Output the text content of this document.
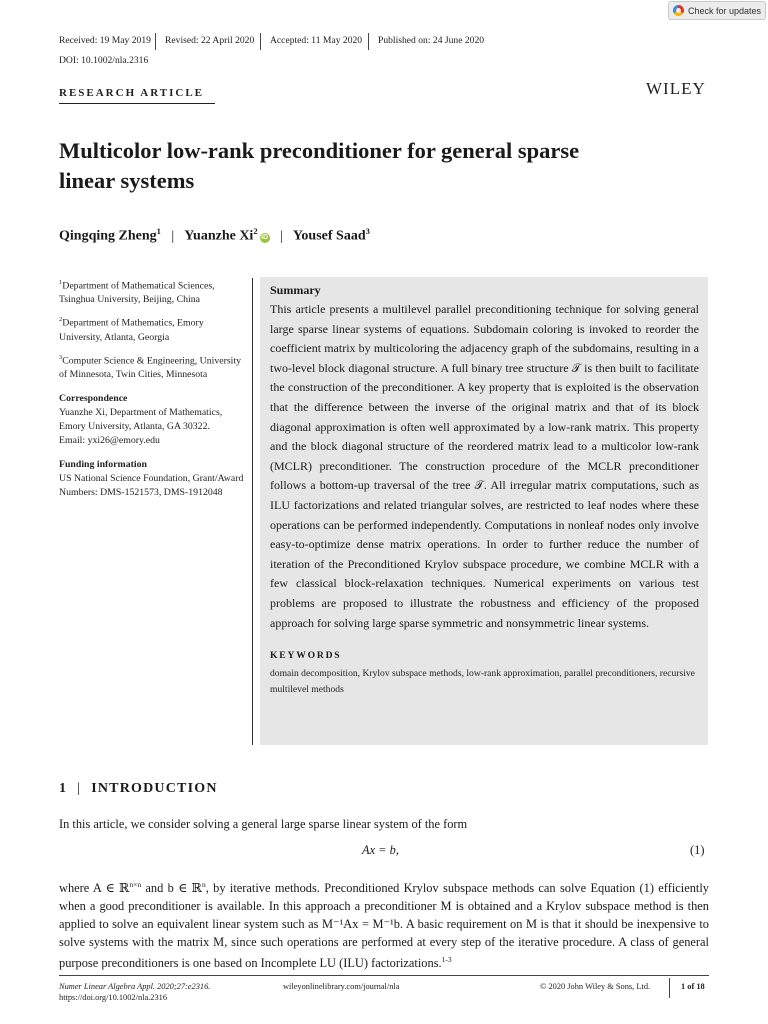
Check for updates
Received: 19 May 2019 Revised: 22 April 2020 Accepted: 11 May 2020 Published on: 24 June 2020
DOI: 10.1002/nla.2316
RESEARCH ARTICLE	WILEY
Multicolor low-rank preconditioner for general sparse
linear systems
Qingqing Zheng$^1$ | Yuanzhe Xi$^2$iD | Yousef Saad$^3$

$^1$Department of Mathematical Sciences, Tsinghua University, Beijing, China

$^2$Department of Mathematics, Emory University, Atlanta, Georgia

$^3$Computer Science & Engineering, University of Minnesota, Twin Cities, Minnesota

Correspondence

Yuanzhe Xi, Department of Mathematics, Emory University, Atlanta, GA 30322.

Email: yxi26@emory.edu

Funding information

US National Science Foundation, Grant/Award Numbers: DMS-1521573, DMS-1912048

Summary
This article presents a multilevel parallel preconditioning technique for solving general large sparse linear systems of equations. Subdomain coloring is invoked to reorder the coefficient matrix by multicoloring the adjacency graph of the subdomains, resulting in a two-level block diagonal structure. A full binary tree structure 𝒯 is then built to facilitate the construction of the preconditioner. A key property that is exploited is the observation that the difference between the inverse of the original matrix and that of its block diagonal approximation is often well approximated by a low-rank matrix. This property and the block diagonal structure of the reordered matrix lead to a multicolor low-rank (MCLR) preconditioner. The construction procedure of the MCLR preconditioner follows a bottom-up traversal of the tree 𝒯. All irregular matrix computations, such as ILU factorizations and related triangular solves, are restricted to leaf nodes where these operations can be performed independently. Computations in nonleaf nodes only involve easy-to-optimize dense matrix operations. In order to further reduce the number of iteration of the Preconditioned Krylov subspace procedure, we combine MCLR with a few classical block-relaxation techniques. Numerical experiments on various test problems are proposed to illustrate the robustness and efficiency of the proposed approach for solving large sparse symmetric and nonsymmetric linear systems.
KEYWORDS
domain decomposition, Krylov subspace methods, low-rank approximation, parallel preconditioners, recursive multilevel methods
1 | INTRODUCTION
In this article, we consider solving a general large sparse linear system of the form
Ax = b,	(1)
where A ∈ ℝ$^{n\times n}$ and b ∈ ℝ$^n$, by iterative methods. Preconditioned Krylov subspace methods can solve Equation (1) efficiently when a good preconditioner is available. In this approach a preconditioner M is obtained and a Krylov subspace method is then applied to solve an equivalent linear system such as M⁻¹Ax = M⁻¹b. A basic requirement on M is that it should be inexpensive to solve systems with the matrix M, since such operations are performed at every step of the iterative procedure. A class of general purpose preconditioners is one based on Incomplete LU (ILU) factorizations.$^{1-3}$
Numer Linear Algebra Appl. 2020;27:e2316.
https://doi.org/10.1002/nla.2316
wileyonlinelibrary.com/journal/nla	© 2020 John Wiley & Sons, Ltd.	1 of 18
